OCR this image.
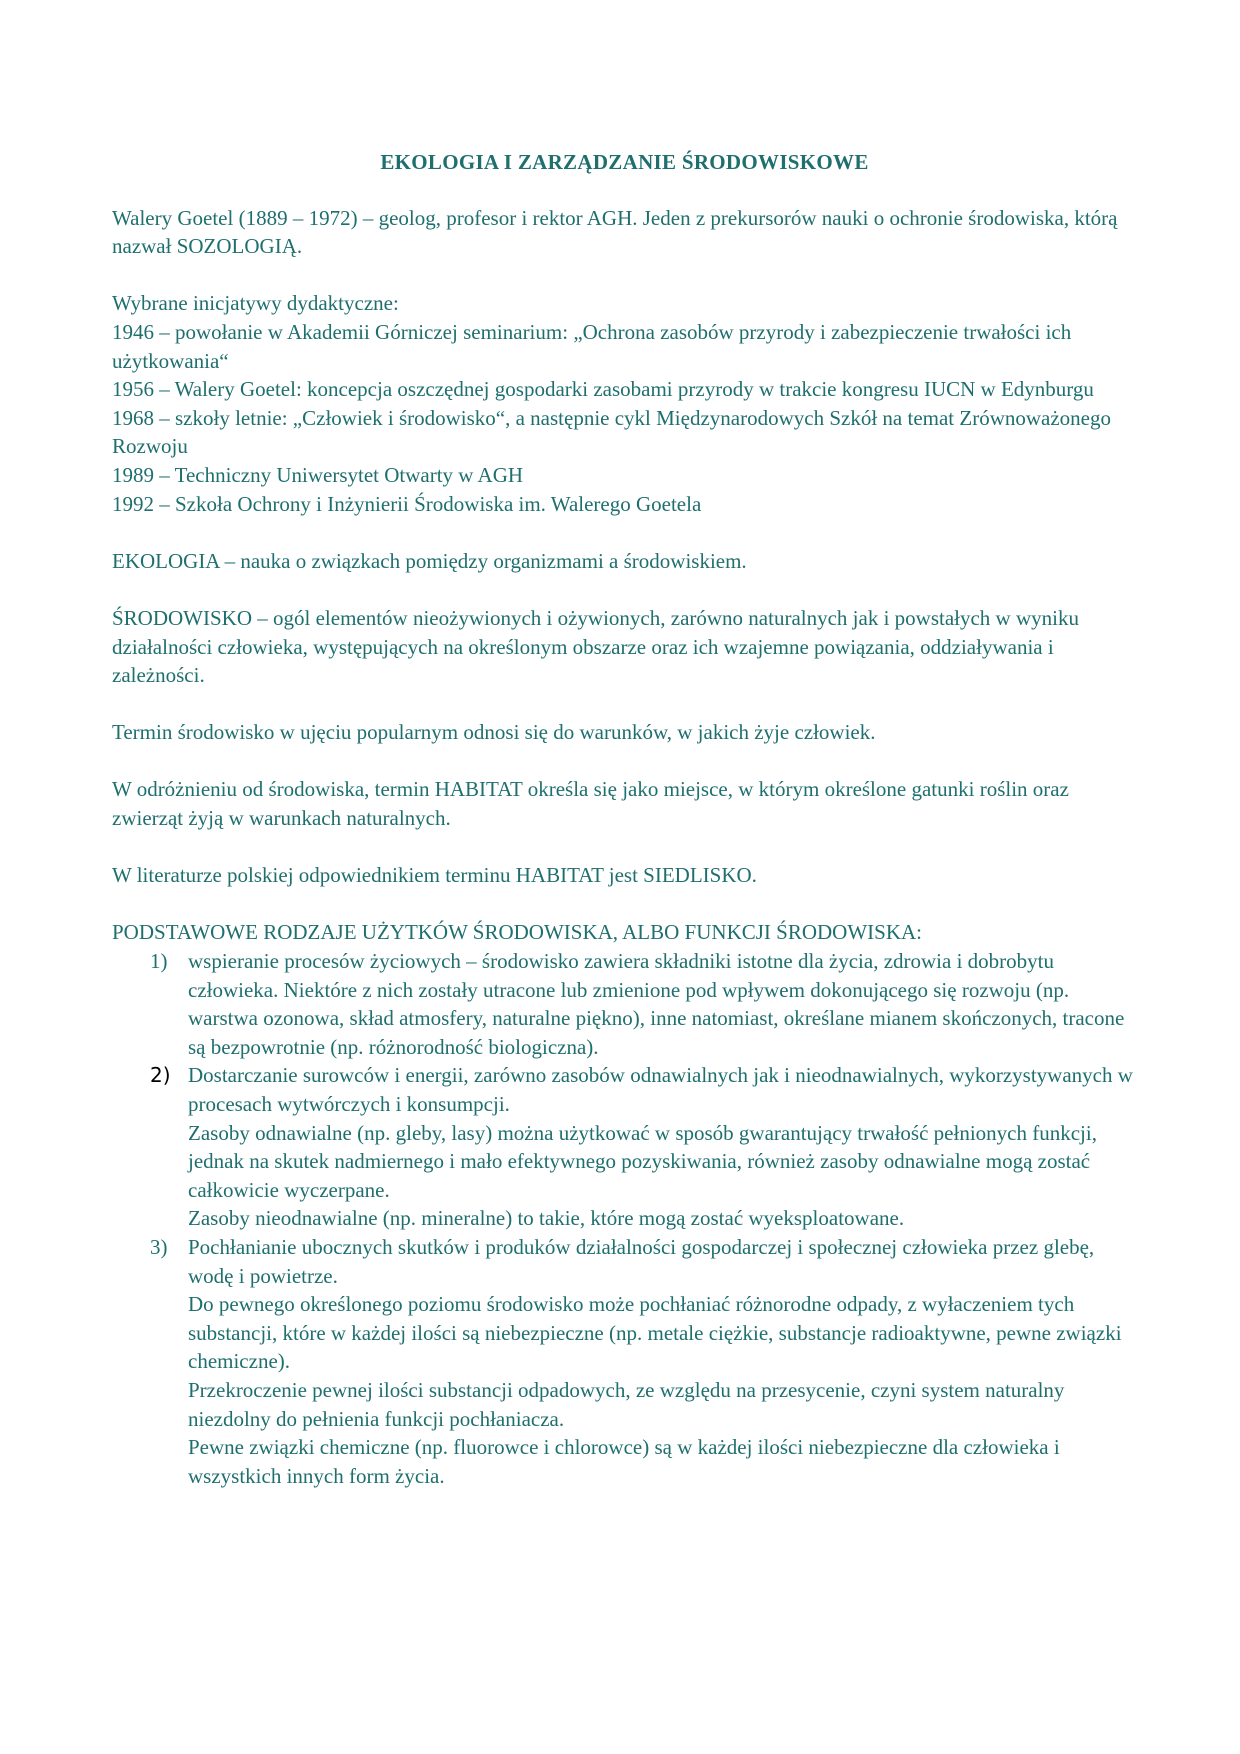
EKOLOGIA I ZARZĄDZANIE ŚRODOWISKOWE

Walery Goetel (1889 – 1972) – geolog, profesor i rektor AGH. Jeden z prekursorów nauki o ochronie środowiska, którą nazwał SOZOLOGIĄ.

Wybrane inicjatywy dydaktyczne:

1946 – powołanie w Akademii Górniczej seminarium: „Ochrona zasobów przyrody i zabezpieczenie trwałości ich użytkowania“

1956 – Walery Goetel: koncepcja oszczędnej gospodarki zasobami przyrody w trakcie kongresu IUCN w Edynburgu

1968 – szkoły letnie: „Człowiek i środowisko“, a następnie cykl Międzynarodowych Szkół na temat Zrównoważonego Rozwoju

1989 – Techniczny Uniwersytet Otwarty w AGH

1992 – Szkoła Ochrony i Inżynierii Środowiska im. Walerego Goetela

EKOLOGIA – nauka o związkach pomiędzy organizmami a środowiskiem.

ŚRODOWISKO – ogól elementów nieożywionych i ożywionych, zarówno naturalnych jak i powstałych w wyniku działalności człowieka, występujących na określonym obszarze oraz ich wzajemne powiązania, oddziaływania i zależności.

Termin środowisko w ujęciu popularnym odnosi się do warunków, w jakich żyje człowiek.

W odróżnieniu od środowiska, termin HABITAT określa się jako miejsce, w którym określone gatunki roślin oraz zwierząt żyją w warunkach naturalnych.

W literaturze polskiej odpowiednikiem terminu HABITAT jest SIEDLISKO.

PODSTAWOWE RODZAJE UŻYTKÓW ŚRODOWISKA, ALBO FUNKCJI ŚRODOWISKA:

1) wspieranie procesów życiowych – środowisko zawiera składniki istotne dla życia, zdrowia i dobrobytu człowieka. Niektóre z nich zostały utracone lub zmienione pod wpływem dokonującego się rozwoju (np. warstwa ozonowa, skład atmosfery, naturalne piękno), inne natomiast, określane mianem skończonych, tracone są bezpowrotnie (np. różnorodność biologiczna).

2) Dostarczanie surowców i energii, zarówno zasobów odnawialnych jak i nieodnawialnych, wykorzystywanych w procesach wytwórczych i konsumpcji.

Zasoby odnawialne (np. gleby, lasy) można użytkować w sposób gwarantujący trwałość pełnionych funkcji, jednak na skutek nadmiernego i mało efektywnego pozyskiwania, również zasoby odnawialne mogą zostać całkowicie wyczerpane.

Zasoby nieodnawialne (np. mineralne) to takie, które mogą zostać wyeksploatowane.

3) Pochłanianie ubocznych skutków i produków działalności gospodarczej i społecznej człowieka przez glebę, wodę i powietrze.

Do pewnego określonego poziomu środowisko może pochłaniać różnorodne odpady, z wyłaczeniem tych substancji, które w każdej ilości są niebezpieczne (np. metale ciężkie, substancje radioaktywne, pewne związki chemiczne).

Przekroczenie pewnej ilości substancji odpadowych, ze względu na przesycenie, czyni system naturalny niezdolny do pełnienia funkcji pochłaniacza.

Pewne związki chemiczne (np. fluorowce i chlorowce) są w każdej ilości niebezpieczne dla człowieka i wszystkich innych form życia.
